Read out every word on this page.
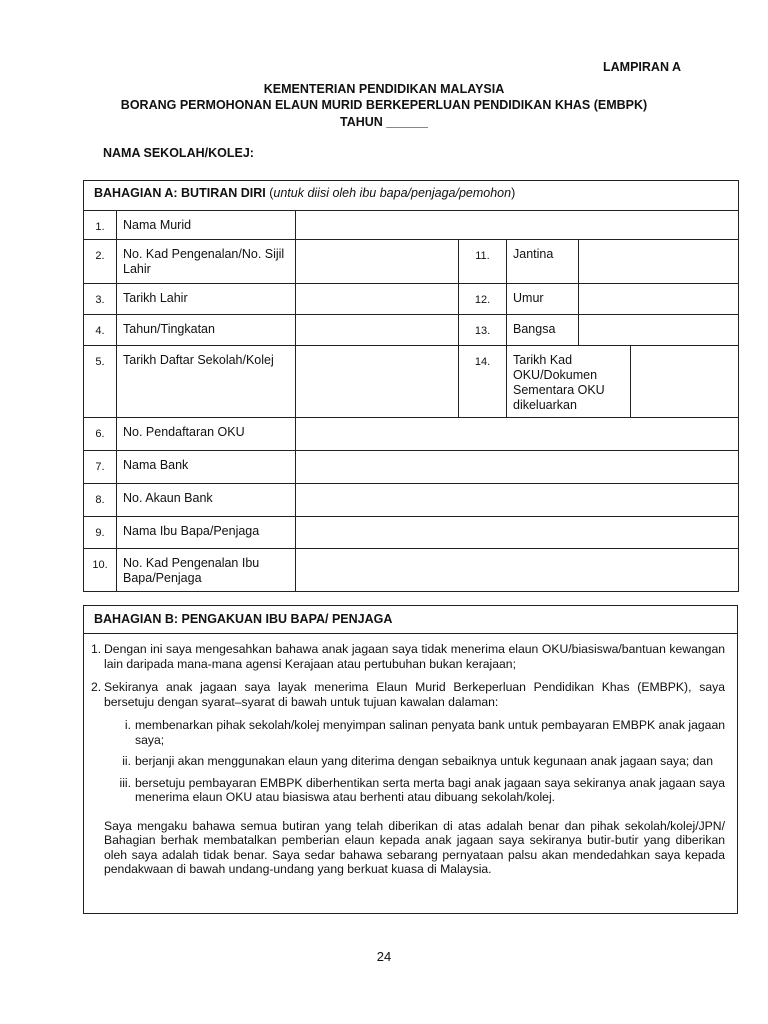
LAMPIRAN A
KEMENTERIAN PENDIDIKAN MALAYSIA
BORANG PERMOHONAN ELAUN MURID BERKEPERLUAN PENDIDIKAN KHAS (EMBPK)
TAHUN ______
NAMA SEKOLAH/KOLEJ:
BAHAGIAN A: BUTIRAN DIRI (untuk diisi oleh ibu bapa/penjaga/pemohon)						
1.	Nama Murid					
2.	No. Kad Pengenalan/No. Sijil Lahir		11.	Jantina		
3.	Tarikh Lahir		12.	Umur		
4.	Tahun/Tingkatan		13.	Bangsa		
5.	Tarikh Daftar Sekolah/Kolej		14.	Tarikh Kad OKU/Dokumen Sementara OKU dikeluarkan		
6.	No. Pendaftaran OKU					
7.	Nama Bank					
8.	No. Akaun Bank					
9.	Nama Ibu Bapa/Penjaga					
10.	No. Kad Pengenalan Ibu Bapa/Penjaga					
BAHAGIAN B: PENGAKUAN IBU BAPA/ PENJAGA
1. Dengan ini saya mengesahkan bahawa anak jagaan saya tidak menerima elaun OKU/biasiswa/bantuan kewangan lain daripada mana-mana agensi Kerajaan atau pertubuhan bukan kerajaan;
2. Sekiranya anak jagaan saya layak menerima Elaun Murid Berkeperluan Pendidikan Khas (EMBPK), saya bersetuju dengan syarat–syarat di bawah untuk tujuan kawalan dalaman:
i. membenarkan pihak sekolah/kolej menyimpan salinan penyata bank untuk pembayaran EMBPK anak jagaan saya;
ii. berjanji akan menggunakan elaun yang diterima dengan sebaiknya untuk kegunaan anak jagaan saya; dan
iii. bersetuju pembayaran EMBPK diberhentikan serta merta bagi anak jagaan saya sekiranya anak jagaan saya menerima elaun OKU atau biasiswa atau berhenti atau dibuang sekolah/kolej.
Saya mengaku bahawa semua butiran yang telah diberikan di atas adalah benar dan pihak sekolah/kolej/JPN/ Bahagian berhak membatalkan pemberian elaun kepada anak jagaan saya sekiranya butir-butir yang diberikan oleh saya adalah tidak benar. Saya sedar bahawa sebarang pernyataan palsu akan mendedahkan saya kepada pendakwaan di bawah undang-undang yang berkuat kuasa di Malaysia.
24
